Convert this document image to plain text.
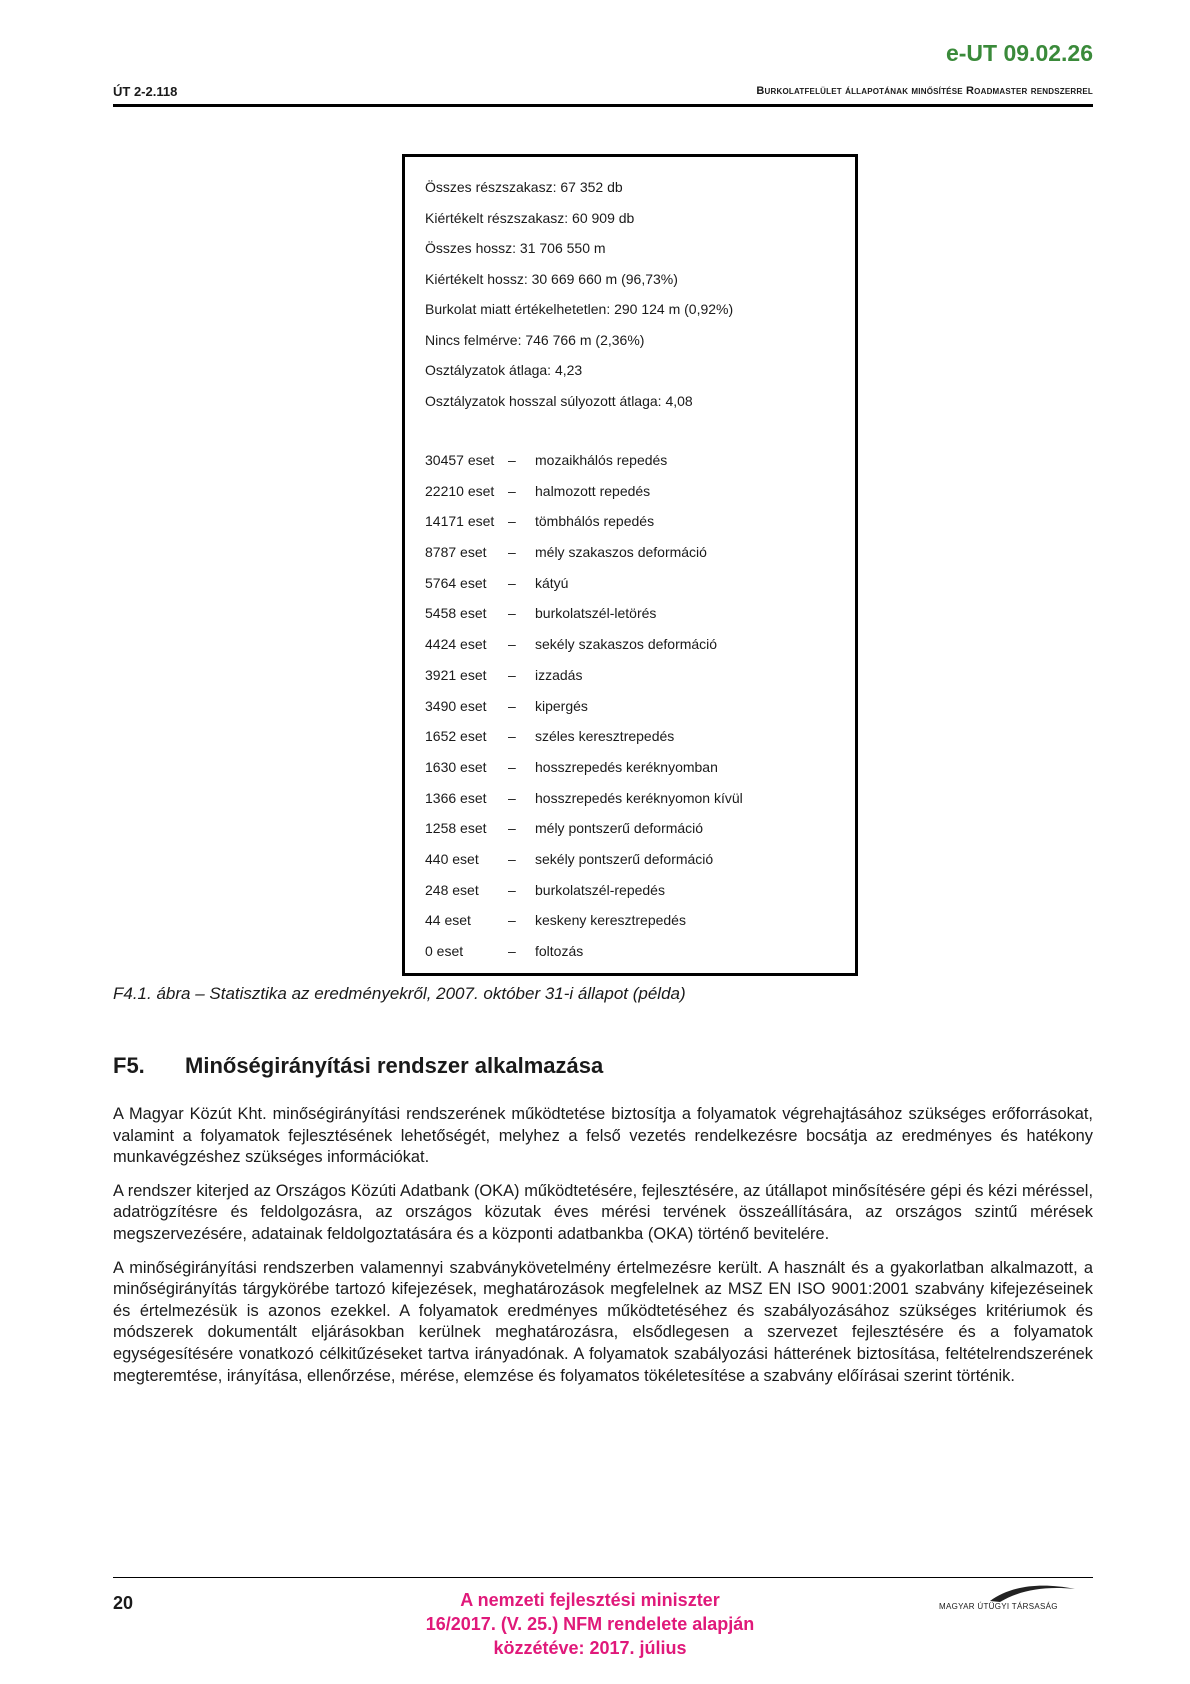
e-UT 09.02.26
ÚT 2-2.118	Burkolatfelület állapotának minősítése Roadmaster rendszerrel
Összes részszakasz: 67 352 db
Kiértékelt részszakasz: 60 909 db
Összes hossz: 31 706 550 m
Kiértékelt hossz: 30 669 660 m (96,73%)
Burkolat miatt értékelhetetlen: 290 124 m (0,92%)
Nincs felmérve: 746 766 m (2,36%)
Osztályzatok átlaga: 4,23
Osztályzatok hosszal súlyozott átlaga: 4,08
30457 eset – mozaikhálós repedés
22210 eset – halmozott repedés
14171 eset – tömbhálós repedés
8787 eset – mély szakaszos deformáció
5764 eset – kátyú
5458 eset – burkolatszél-letörés
4424 eset – sekély szakaszos deformáció
3921 eset – izzadás
3490 eset – kipergés
1652 eset – széles keresztrepedés
1630 eset – hosszrepedés keréknyomban
1366 eset – hosszrepedés keréknyomon kívül
1258 eset – mély pontszerű deformáció
440 eset – sekély pontszerű deformáció
248 eset – burkolatszél-repedés
44 eset	– keskeny keresztrepedés
0 eset	– foltozás
F4.1. ábra – Statisztika az eredményekről, 2007. október 31-i állapot (példa)
F5. Minőségirányítási rendszer alkalmazása

A Magyar Közút Kht. minőségirányítási rendszerének működtetése biztosítja a folyamatok végrehajtásához szükséges erőforrásokat, valamint a folyamatok fejlesztésének lehetőségét, melyhez a felső vezetés rendelkezésre bocsátja az eredményes és hatékony munkavégzéshez szükséges információkat.

A rendszer kiterjed az Országos Közúti Adatbank (OKA) működtetésére, fejlesztésére, az útállapot minősítésére gépi és kézi méréssel, adatrögzítésre és feldolgozásra, az országos közutak éves mérési tervének összeállítására, az országos szintű mérések megszervezésére, adatainak feldolgoztatására és a központi adatbankba (OKA) történő bevitelére.

A minőségirányítási rendszerben valamennyi szabványkövetelmény értelmezésre került. A használt és a gyakorlatban alkalmazott, a minőségirányítás tárgykörébe tartozó kifejezések, meghatározások megfelelnek az MSZ EN ISO 9001:2001 szabvány kifejezéseinek és értelmezésük is azonos ezekkel. A folyamatok eredményes működtetéséhez és szabályozásához szükséges kritériumok és módszerek dokumentált eljárásokban kerülnek meghatározásra, elsődlegesen a szervezet fejlesztésére és a folyamatok egységesítésére vonatkozó célkitűzéseket tartva irányadónak. A folyamatok szabályozási hátterének biztosítása, feltételrendszerének megteremtése, irányítása, ellenőrzése, mérése, elemzése és folyamatos tökéletesítése a szabvány előírásai szerint történik.

20	A nemzeti fejlesztési miniszter
16/2017. (V. 25.) NFM rendelete alapján
közzétéve: 2017. július
MAGYAR ÚTÜGYI TÁRSASÁG
